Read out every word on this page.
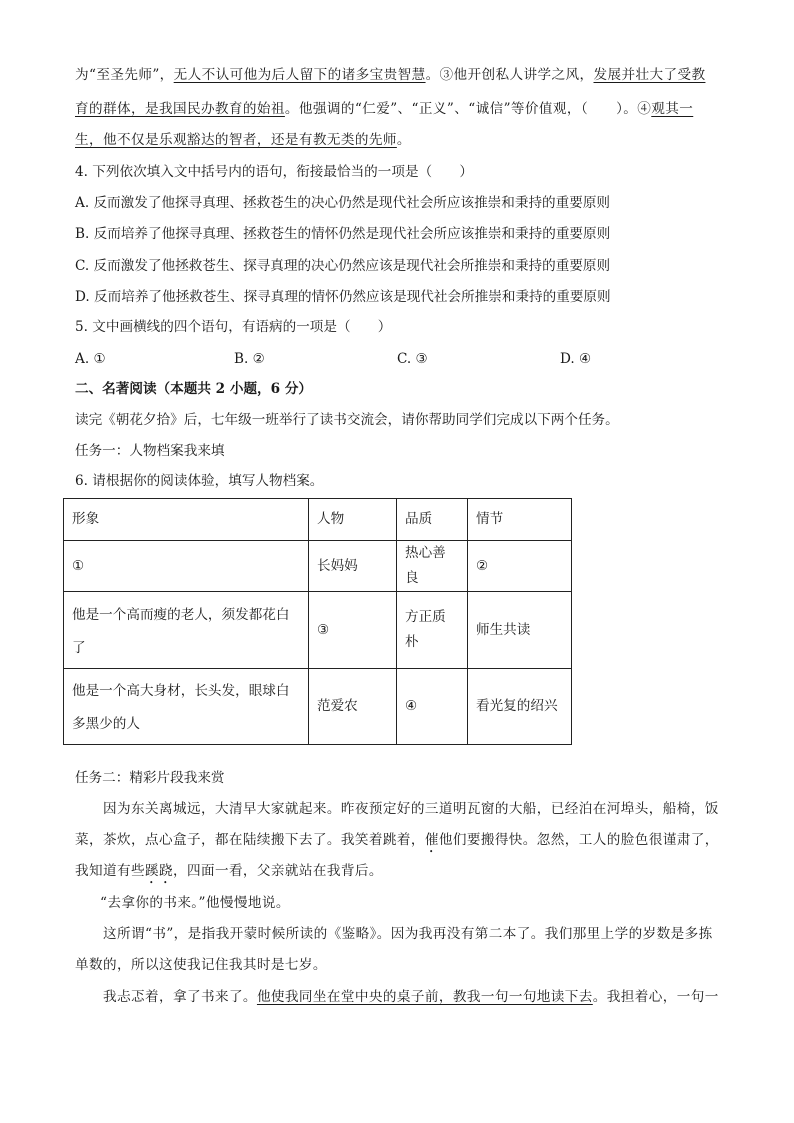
为“至圣先师”，无人不认可他为后人留下的诸多宝贵智慧。③他开创私人讲学之风，发展并壮大了受教
育的群体，是我国民办教育的始祖。他强调的“仁爱”、“正义”、“诚信”等价值观，（　　）。④观其一
生，他不仅是乐观豁达的智者，还是有教无类的先师。
4. 下列依次填入文中括号内的语句，衔接最恰当的一项是（　　）
A. 反而激发了他探寻真理、拯救苍生的决心仍然是现代社会所应该推崇和秉持的重要原则
B. 反而培养了他探寻真理、拯救苍生的情怀仍然是现代社会所应该推崇和秉持的重要原则
C. 反而激发了他拯救苍生、探寻真理的决心仍然应该是现代社会所推崇和秉持的重要原则
D. 反而培养了他拯救苍生、探寻真理的情怀仍然应该是现代社会所推崇和秉持的重要原则
5. 文中画横线的四个语句，有语病的一项是（　　）
A. ①	B. ②	C. ③	D. ④
二、名著阅读（本题共 2 小题，6 分）
读完《朝花夕拾》后，七年级一班举行了读书交流会，请你帮助同学们完成以下两个任务。
任务一：人物档案我来填
6. 请根据你的阅读体验，填写人物档案。
形象	人物	品质	情节
①	长妈妈	热心善良	②

他是一个高而瘦的老人，须发都花白
了	③	方正质朴	师生共读

他是一个高大身材，长头发，眼球白
多黑少的人	范爱农	④	看光复的绍兴
任务二：精彩片段我来赏
因为东关离城远，大清早大家就起来。昨夜预定好的三道明瓦窗的大船，已经泊在河埠头，船椅，饭
菜，茶炊，点心盒子，都在陆续搬下去了。我笑着跳着，催他们要搬得快。忽然，工人的脸色很谨肃了，
我知道有些蹊跷，四面一看，父亲就站在我背后。
“去拿你的书来。”他慢慢地说。
这所谓“书”，是指我开蒙时候所读的《鉴略》。因为我再没有第二本了。我们那里上学的岁数是多拣
单数的，所以这使我记住我其时是七岁。
我忐忑着，拿了书来了。他使我同坐在堂中央的桌子前，教我一句一句地读下去。我担着心，一句一
